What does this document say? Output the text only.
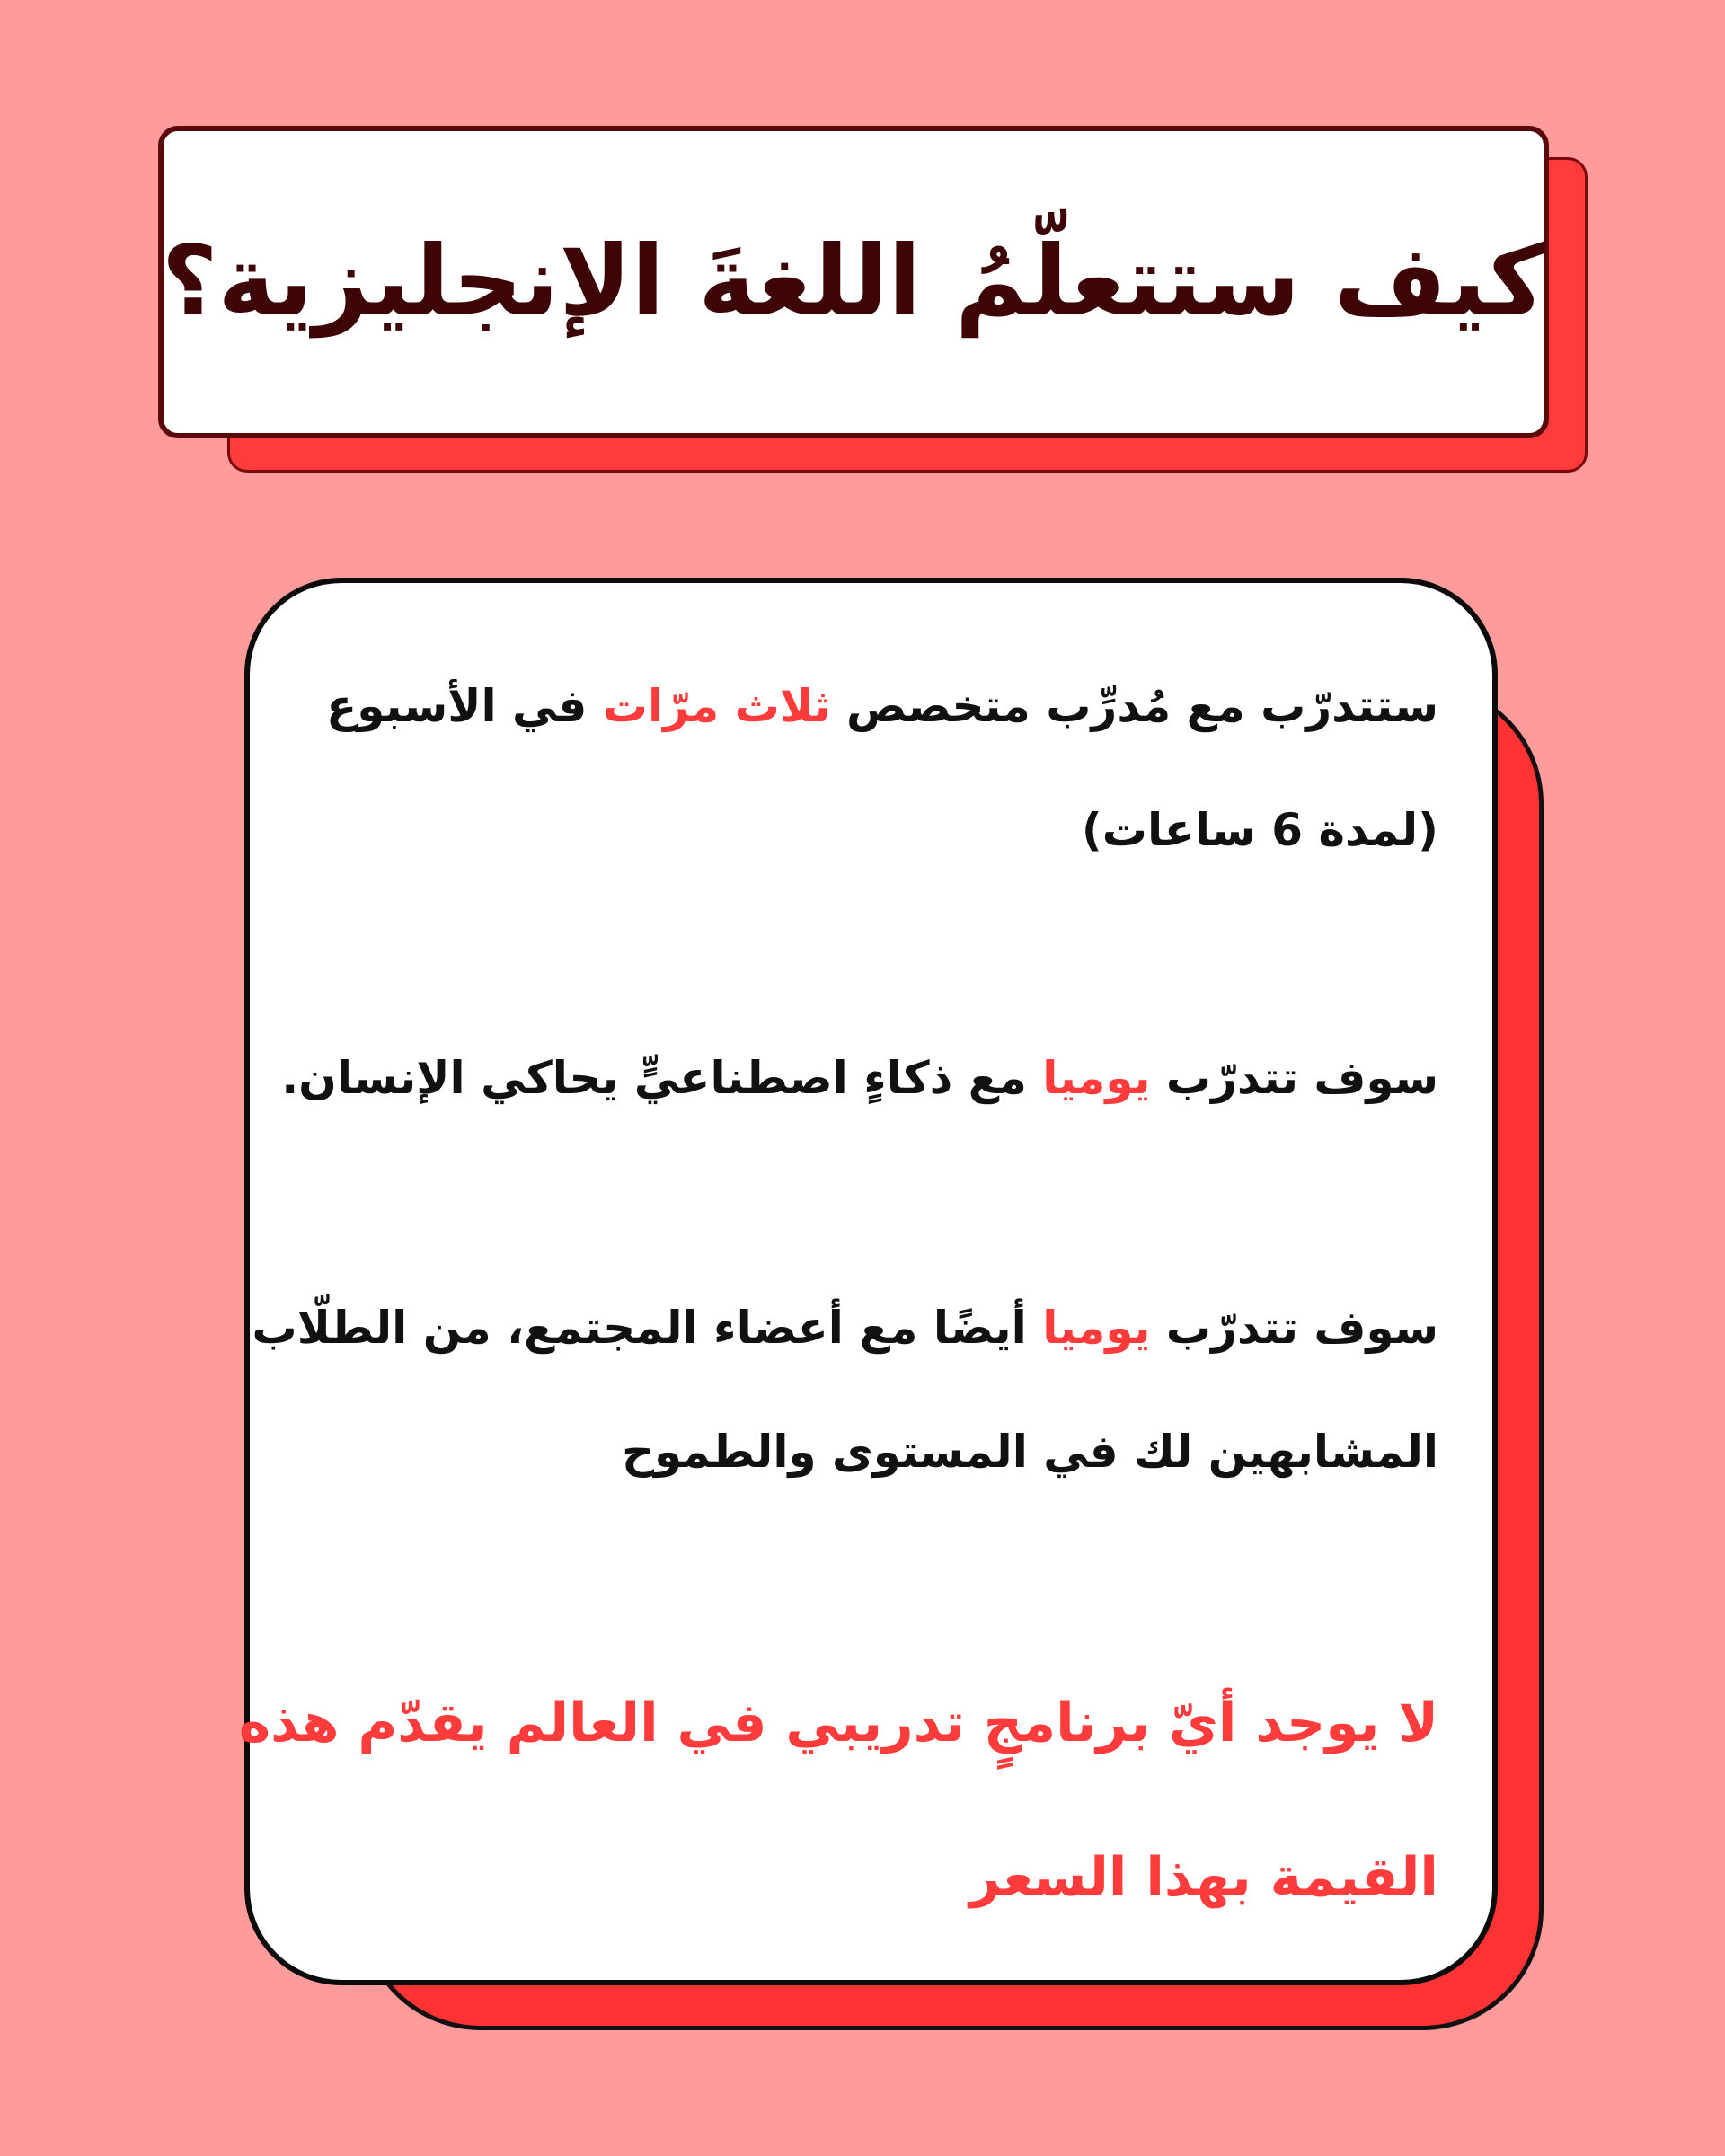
كيف ستتعلّمُ اللغةَ الإنجليزية؟
ستتدرّب مع مُدرِّب متخصص ثلاث مرّات في الأسبوع
(لمدة 6 ساعات)
سوف تتدرّب يوميا مع ذكاءٍ اصطناعيٍّ يحاكي الإنسان.
سوف تتدرّب يوميا أيضًا مع أعضاء المجتمع، من الطلّاب
المشابهين لك في المستوى والطموح
لا يوجد أيّ برنامجٍ تدريبي في العالم يقدّم هذه
القيمة بهذا السعر
